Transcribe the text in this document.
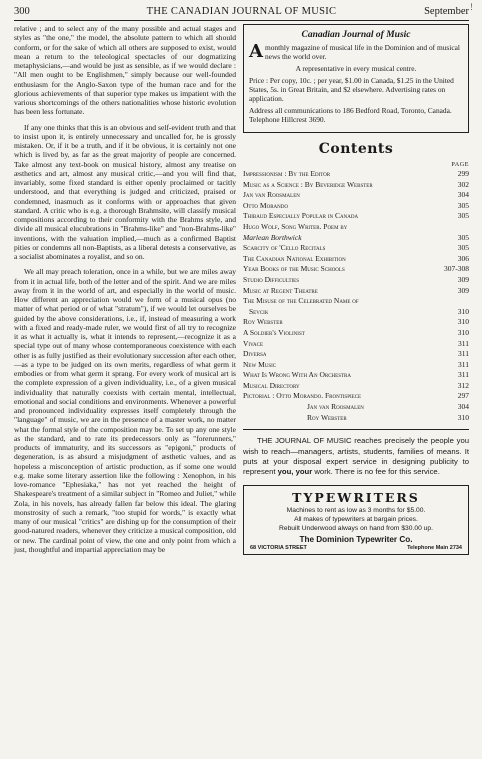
300	THE CANADIAN JOURNAL OF MUSIC	September !

relative ; and to select any of the many possible and actual stages and styles as "the one," the model, the absolute pattern to which all should conform, or for the sake of which all others are supposed to exist, would mean a return to the teleological spectacles of our dogmatizing metaphysicians,—and would be just as sensible, as if we would declare : "All men ought to be Englishmen," simply because our well-founded enthusiasm for the Anglo-Saxon type of the human race and for the glorious achievements of that superior type makes us impatient with the various shortcomings of the others nationalities whose historic evolution has been less fortunate.

If any one thinks that this is an obvious and self-evident truth and that to insist upon it, is entirely unnecessary and uncalled for, he is grossly mistaken. Or, if it be a truth, and if it be obvious, it is certainly not one which is lived by, as far as the great majority of people are concerned. Take almost any text-book on musical history, almost any treatise on æsthetics and art, almost any musical critic,—and you will find that, invariably, some fixed standard is either openly proclaimed or tacitly understood, and that everything is judged and criticized, praised or condemned, inasmuch as it conforms with or approaches that given standard. A critic who is e.g. a thorough Brahmsite, will classify musical compositions according to their conformity with the Brahms style, and divide all musical elucubrations in "Brahms-like" and "non-Brahms-like" inventions, with the valuation implied,—much as a confirmed Baptist pities or condemns all non-Baptists, as a liberal detests a conservative, as a socialist abominates a royalist, and so on.

We all may preach toleration, once in a while, but we are miles away from it in actual life, both of the letter and of the spirit. And we are miles away from it in the world of art, and especially in the world of music. How different an appreciation would we form of a musical opus (no matter of what period or of what "stratum"), if we would let ourselves be guided by the above considerations, i.e., if, instead of measuring a work with a fixed and ready-made ruler, we would first of all try to recognize it as what it actually is, what it intends to represent,—recognize it as a special type out of many whose contemporaneous coexistence with each other is as fully justified as their evolutionary succession after each other,—as a type to be judged on its own merits, regardless of what germ it embodies or from what germ it sprang. For every work of musical art is the complete expression of a given individuality, i.e., of a given musical individuality that naturally coexists with certain mental, intellectual, emotional and social conditions and environments. Whenever a powerful and pronounced individuality expresses itself completely through the "language" of music, we are in the presence of a master work, no matter what the formal style of the composition may be. To set up any one style as the standard, and to rate its predecessors only as "forerunners," products of immaturity, and its successors as "epigoni," products of degeneration, is as absurd a misjudgment of æsthetic values, and as hopeless a misconception of artistic production, as if some one would e.g. make some literary assertion like the following : Xenophon, in his love-romance "Ephesiaka," has not yet reached the height of Shakespeare's treatment of a similar subject in "Romeo and Juliet," while Zola, in his novels, has already fallen far below this ideal. The glaring monstrosity of such a remark, "too stupid for words," is exactly what many of our musical "critics" are dishing up for the consumption of their good-natured readers, whenever they criticize a musical composition, old or new. The cardinal point of view, the one and only point from which a just, thoughtful and impartial appreciation may be

Canadian Journal of Music

A monthly magazine of musical life in the Dominion and of musical news the world over.

A representative in every musical centre.

Price : Per copy, 10c. ; per year, $1.00 in Canada, $1.25 in the United States, 5s. in Great Britain, and $2 elsewhere. Advertising rates on application.

Address all communications to 186 Bedford Road, Toronto, Canada. Telephone Hillcrest 3690.

Contents
PAGE
Impressionism : By the Editor	299
Music as a Science : By Beveridge Webster	302
Jan van Roosmalen	304
Otto Morando	305
Thibaud Especially Popular in Canada	305
Hugo Wolf, Song Writer. Poem by
Marlean Borthwick	305
Scarcity of 'Cello Recitals	305
The Canadian National Exhibition	306
Year Books of the Music Schools	307-308
Studio Difficulties	309
Music at Regent Theatre	309
The Misuse of the Celebrated Name of
Sevcik	310
Roy Webster	310
A Soldier's Violinist	310
Vivace	311
Diversa	311
New Music	311
What Is Wrong With An Orchestra	311
Musical Directory	312
Pictorial : Otto Morando. Frontispiece	297
Jan van Roosmalen	304
Roy Webster	310

THE JOURNAL OF MUSIC reaches precisely the people you wish to reach—managers, artists, students, families of means. It puts at your disposal expert service in designing publicity to represent you, your work. There is no fee for this service.

TYPEWRITERS
Machines to rent as low as 3 months for $5.00.
All makes of typewriters at bargain prices.
Rebuilt Underwood always on hand from $30.00 up.
The Dominion Typewriter Co.
68 VICTORIA STREET	Telephone Main 2734
